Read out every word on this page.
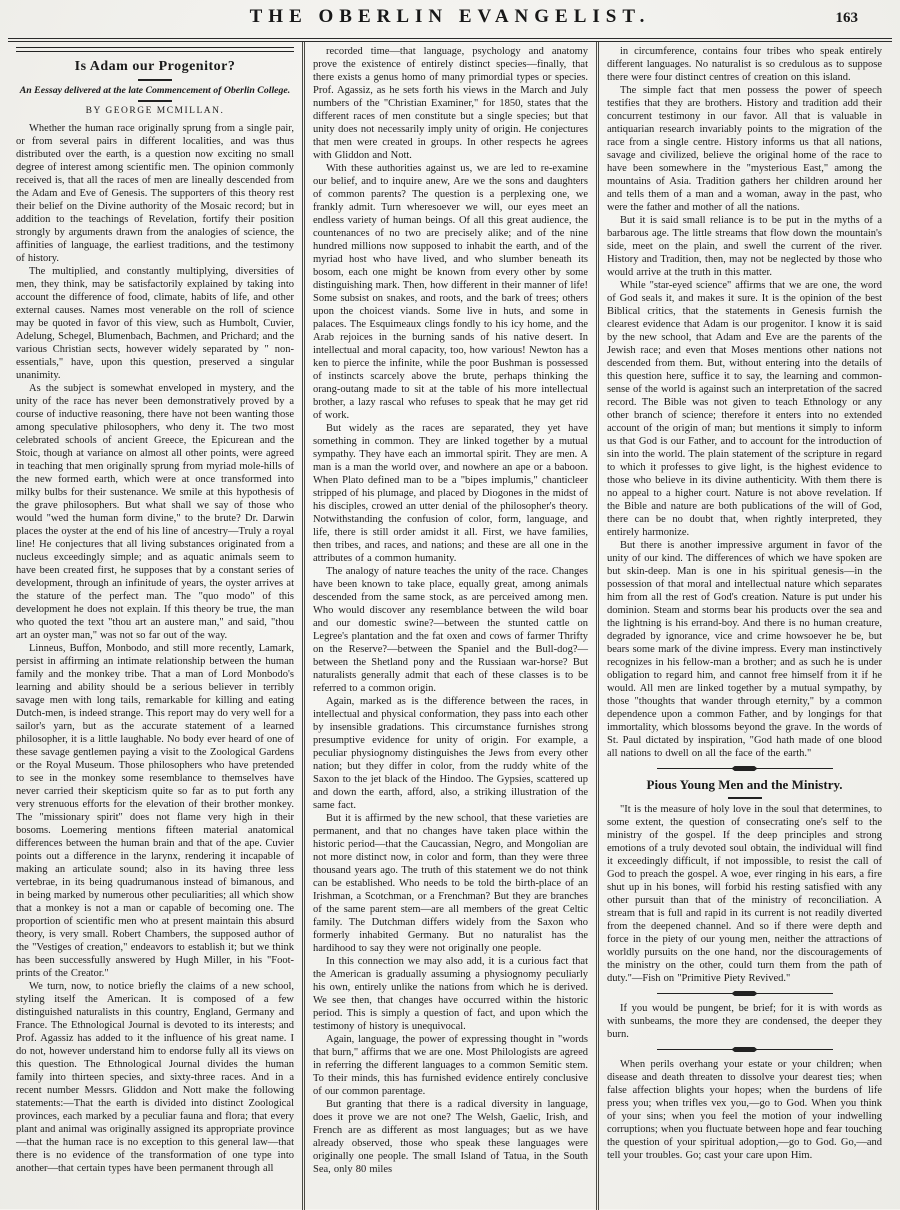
THE OBERLIN EVANGELIST.	163
Is Adam our Progenitor?

An Eessay delivered at the late Commencement of Oberlin College.

BY GEORGE MCMILLAN.

Whether the human race originally sprung from a single pair, or from several pairs in different localities, and was thus distributed over the earth, is a question now exciting no small degree of interest among scientific men. The opinion commonly received is, that all the races of men are lineally descended from the Adam and Eve of Genesis. The supporters of this theory rest their belief on the Divine authority of the Mosaic record; but in addition to the teachings of Revelation, fortify their position strongly by arguments drawn from the analogies of science, the affinities of language, the earliest traditions, and the testimony of history.

The multiplied, and constantly multiplying, diversities of men, they think, may be satisfactorily explained by taking into account the difference of food, climate, habits of life, and other external causes. Names most venerable on the roll of science may be quoted in favor of this view, such as Humbolt, Cuvier, Adelung, Schegel, Blumenbach, Bachmen, and Prichard; and the various Christian sects, however widely separated by " non-essentials," have, upon this question, preserved a singular unanimity.

As the subject is somewhat enveloped in mystery, and the unity of the race has never been demonstratively proved by a course of inductive reasoning, there have not been wanting those among speculative philosophers, who deny it. The two most celebrated schools of ancient Greece, the Epicurean and the Stoic, though at variance on almost all other points, were agreed in teaching that men originally sprung from myriad mole-hills of the new formed earth, which were at once transformed into milky bulbs for their sustenance. We smile at this hypothesis of the grave philosophers. But what shall we say of those who would "wed the human form divine," to the brute? Dr. Darwin places the oyster at the end of his line of ancestry—Truly a royal line! He conjectures that all living substances originated from a nucleus exceedingly simple; and as aquatic animals seem to have been created first, he supposes that by a constant series of development, through an infinitude of years, the oyster arrives at the stature of the perfect man. The "quo modo" of this development he does not explain. If this theory be true, the man who quoted the text "thou art an austere man," and said, "thou art an oyster man," was not so far out of the way.

Linneus, Buffon, Monbodo, and still more recently, Lamark, persist in affirming an intimate relationship between the human family and the monkey tribe. That a man of Lord Monbodo's learning and ability should be a serious believer in terribly savage men with long tails, remarkable for killing and eating Dutch-men, is indeed strange. This report may do very well for a sailor's yarn, but as the accurate statement of a learned philosopher, it is a little laughable. No body ever heard of one of these savage gentlemen paying a visit to the Zoological Gardens or the Royal Museum. Those philosophers who have pretended to see in the monkey some resemblance to themselves have never carried their skepticism quite so far as to put forth any very strenuous efforts for the elevation of their brother monkey. The "missionary spirit" does not flame very high in their bosoms. Loemering mentions fifteen material anatomical differences between the human brain and that of the ape. Cuvier points out a difference in the larynx, rendering it incapable of making an articulate sound; also in its having three less vertebrae, in its being quadrumanous instead of bimanous, and in being marked by numerous other peculiarities; all which show that a monkey is not a man or capable of becoming one. The proportion of scientific men who at present maintain this absurd theory, is very small. Robert Chambers, the supposed author of the "Vestiges of creation," endeavors to establish it; but we think has been successfully answered by Hugh Miller, in his "Foot-prints of the Creator."

We turn, now, to notice briefly the claims of a new school, styling itself the American. It is composed of a few distinguished naturalists in this country, England, Germany and France. The Ethnological Journal is devoted to its interests; and Prof. Agassiz has added to it the influence of his great name. I do not, however understand him to endorse fully all its views on this question. The Ethnological Journal divides the human family into thirteen species, and sixty-three races. And in a recent number Messrs. Gliddon and Nott make the following statements:—That the earth is divided into distinct Zoological provinces, each marked by a peculiar fauna and flora; that every plant and animal was originally assigned its appropriate province—that the human race is no exception to this general law—that there is no evidence of the transformation of one type into another—that certain types have been permanent through all

recorded time—that language, psychology and anatomy prove the existence of entirely distinct species—finally, that there exists a genus homo of many primordial types or species. Prof. Agassiz, as he sets forth his views in the March and July numbers of the "Christian Examiner," for 1850, states that the different races of men constitute but a single species; but that unity does not necessarily imply unity of origin. He conjectures that men were created in groups. In other respects he agrees with Gliddon and Nott.

With these authorities against us, we are led to re-examine our belief, and to inquire anew, Are we the sons and daughters of common parents? The question is a perplexing one, we frankly admit. Turn wheresoever we will, our eyes meet an endless variety of human beings. Of all this great audience, the countenances of no two are precisely alike; and of the nine hundred millions now supposed to inhabit the earth, and of the myriad host who have lived, and who slumber beneath its bosom, each one might be known from every other by some distinguishing mark. Then, how different in their manner of life! Some subsist on snakes, and roots, and the bark of trees; others upon the choicest viands. Some live in huts, and some in palaces. The Esquimeaux clings fondly to his icy home, and the Arab rejoices in the burning sands of his native desert. In intellectual and moral capacity, too, how various! Newton has a ken to pierce the infinite, while the poor Bushman is possessed of instincts scarcely above the brute, perhaps thinking the orang-outang made to sit at the table of his more intellectual brother, a lazy rascal who refuses to speak that he may get rid of work.

But widely as the races are separated, they yet have something in common. They are linked together by a mutual sympathy. They have each an immortal spirit. They are men. A man is a man the world over, and nowhere an ape or a baboon. When Plato defined man to be a "bipes implumis," chanticleer stripped of his plumage, and placed by Diogones in the midst of his disciples, crowed an utter denial of the philosopher's theory. Notwithstanding the confusion of color, form, language, and life, there is still order amidst it all. First, we have families, then tribes, and races, and nations; and these are all one in the attributes of a common humanity.

The analogy of nature teaches the unity of the race. Changes have been known to take place, equally great, among animals descended from the same stock, as are perceived among men. Who would discover any resemblance between the wild boar and our domestic swine?—between the stunted cattle on Legree's plantation and the fat oxen and cows of farmer Thrifty on the Reserve?—between the Spaniel and the Bull-dog?—between the Shetland pony and the Russiaan war-horse? But naturalists generally admit that each of these classes is to be referred to a common origin.

Again, marked as is the difference between the races, in intellectual and physical conformation, they pass into each other by insensible gradations. This circumstance furnishes strong presumptive evidence for unity of origin. For example, a peculiar physiognomy distinguishes the Jews from every other nation; but they differ in color, from the ruddy white of the Saxon to the jet black of the Hindoo. The Gypsies, scattered up and down the earth, afford, also, a striking illustration of the same fact.

But it is affirmed by the new school, that these varieties are permanent, and that no changes have taken place within the historic period—that the Caucassian, Negro, and Mongolian are not more distinct now, in color and form, than they were three thousand years ago. The truth of this statement we do not think can be established. Who needs to be told the birth-place of an Irishman, a Scotchman, or a Frenchman? But they are branches of the same parent stem—are all members of the great Celtic family. The Dutchman differs widely from the Saxon who formerly inhabited Germany. But no naturalist has the hardihood to say they were not originally one people.

In this connection we may also add, it is a curious fact that the American is gradually assuming a physiognomy peculiarly his own, entirely unlike the nations from which he is derived. We see then, that changes have occurred within the historic period. This is simply a question of fact, and upon which the testimony of history is unequivocal.

Again, language, the power of expressing thought in "words that burn," affirms that we are one. Most Philologists are agreed in referring the different languages to a common Semitic stem. To their minds, this has furnished evidence entirely conclusive of our common parentage.

But granting that there is a radical diversity in language, does it prove we are not one? The Welsh, Gaelic, Irish, and French are as different as most languages; but as we have already observed, those who speak these languages were originally one people. The small Island of Tatua, in the South Sea, only 80 miles

in circumference, contains four tribes who speak entirely different languages. No naturalist is so credulous as to suppose there were four distinct centres of creation on this island.

The simple fact that men possess the power of speech testifies that they are brothers. History and tradition add their concurrent testimony in our favor. All that is valuable in antiquarian research invariably points to the migration of the race from a single centre. History informs us that all nations, savage and civilized, believe the original home of the race to have been somewhere in the "mysterious East," among the mountains of Asia. Tradition gathers her children around her and tells them of a man and a woman, away in the past, who were the father and mother of all the nations.

But it is said small reliance is to be put in the myths of a barbarous age. The little streams that flow down the mountain's side, meet on the plain, and swell the current of the river. History and Tradition, then, may not be neglected by those who would arrive at the truth in this matter.

While "star-eyed science" affirms that we are one, the word of God seals it, and makes it sure. It is the opinion of the best Biblical critics, that the statements in Genesis furnish the clearest evidence that Adam is our progenitor. I know it is said by the new school, that Adam and Eve are the parents of the Jewish race; and even that Moses mentions other nations not descended from them. But, without entering into the details of this question here, suffice it to say, the learning and common-sense of the world is against such an interpretation of the sacred record. The Bible was not given to teach Ethnology or any other branch of science; therefore it enters into no extended account of the origin of man; but mentions it simply to inform us that God is our Father, and to account for the introduction of sin into the world. The plain statement of the scripture in regard to which it professes to give light, is the highest evidence to those who believe in its divine authenticity. With them there is no appeal to a higher court. Nature is not above revelation. If the Bible and nature are both publications of the will of God, there can be no doubt that, when rightly interpreted, they entirely harmonize.

But there is another impressive argument in favor of the unity of our kind. The differences of which we have spoken are but skin-deep. Man is one in his spiritual genesis—in the possession of that moral and intellectual nature which separates him from all the rest of God's creation. Nature is put under his dominion. Steam and storms bear his products over the sea and the lightning is his errand-boy. And there is no human creature, degraded by ignorance, vice and crime howsoever he be, but bears some mark of the divine impress. Every man instinctively recognizes in his fellow-man a brother; and as such he is under obligation to regard him, and cannot free himself from it if he would. All men are linked together by a mutual sympathy, by those "thoughts that wander through eternity," by a common dependence upon a common Father, and by longings for that immortality, which blossoms beyond the grave. In the words of St. Paul dictated by inspiration, "God hath made of one blood all nations to dwell on all the face of the earth."

Pious Young Men and the Ministry.

"It is the measure of holy love in the soul that determines, to some extent, the question of consecrating one's self to the ministry of the gospel. If the deep principles and strong emotions of a truly devoted soul obtain, the individual will find it exceedingly difficult, if not impossible, to resist the call of God to preach the gospel. A woe, ever ringing in his ears, a fire shut up in his bones, will forbid his resting satisfied with any other pursuit than that of the ministry of reconciliation. A stream that is full and rapid in its current is not readily diverted from the deepened channel. And so if there were depth and force in the piety of our young men, neither the attractions of worldly pursuits on the one hand, nor the discouragements of the ministry on the other, could turn them from the path of duty."—Fish on "Primitive Piety Revived."

If you would be pungent, be brief; for it is with words as with sunbeams, the more they are condensed, the deeper they burn.

When perils overhang your estate or your children; when disease and death threaten to dissolve your dearest ties; when false affection blights your hopes; when the burdens of life press you; when trifles vex you,—go to God. When you think of your sins; when you feel the motion of your indwelling corruptions; when you fluctuate between hope and fear touching the question of your spiritual adoption,—go to God. Go,—and tell your troubles. Go; cast your care upon Him.
